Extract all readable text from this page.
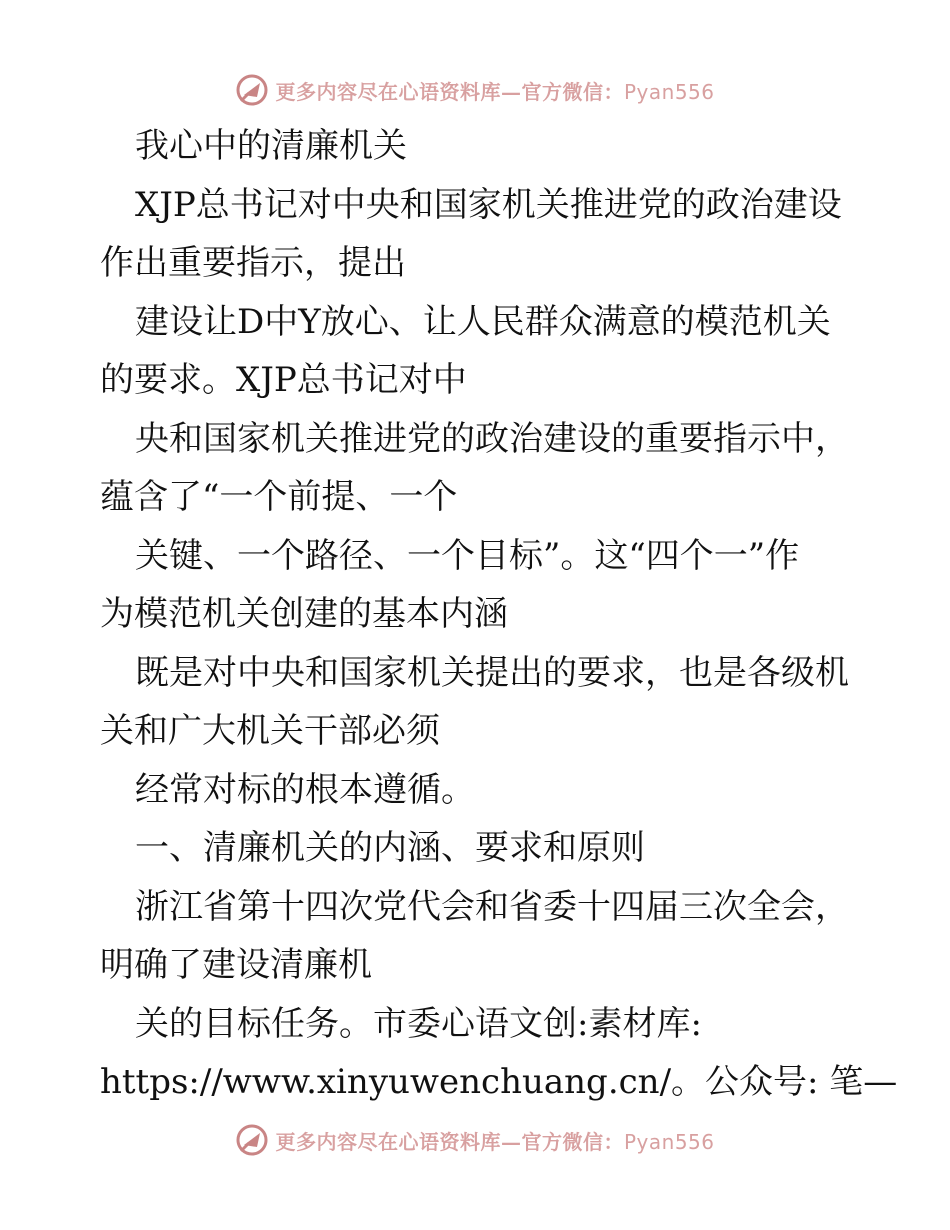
更多内容尽在心语资料库—官方微信：Pyan556
我心中的清廉机关
XJP总书记对中央和国家机关推进党的政治建设
作出重要指示，提出
建设让D中Y放心、让人民群众满意的模范机关
的要求。XJP总书记对中
央和国家机关推进党的政治建设的重要指示中，
蕴含了“一个前提、一个
关键、一个路径、一个目标”。这“四个一”作
为模范机关创建的基本内涵
既是对中央和国家机关提出的要求，也是各级机
关和广大机关干部必须
经常对标的根本遵循。
一、清廉机关的内涵、要求和原则
浙江省第十四次党代会和省委十四届三次全会，
明确了建设清廉机
关的目标任务。市委心语文创:素材库:
https://www.xinyuwenchuang.cn/。公众号: 笔—
更多内容尽在心语资料库—官方微信：Pyan556
